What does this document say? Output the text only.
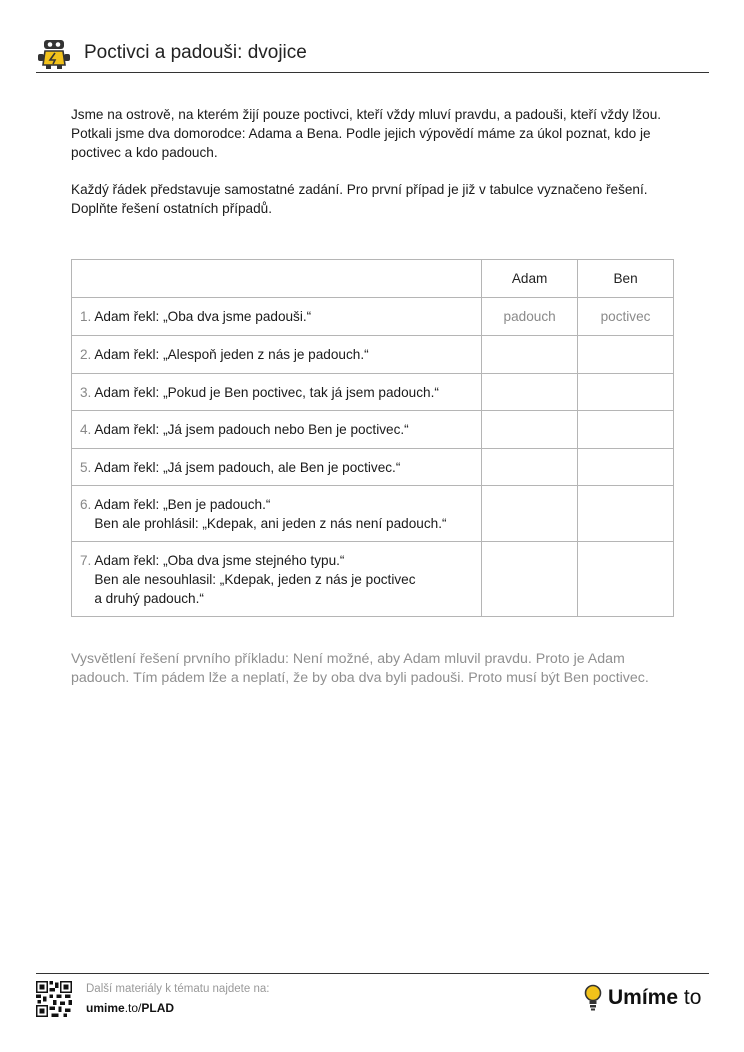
Poctivci a padouši: dvojice

Jsme na ostrově, na kterém žijí pouze poctivci, kteří vždy mluví pravdu, a padouši, kteří vždy lžou. Potkali jsme dva domorodce: Adama a Bena. Podle jejich výpovědí máme za úkol poznat, kdo je poctivec a kdo padouch.

Každý řádek představuje samostatné zadání. Pro první případ je již v tabulce vyznačeno řešení. Doplňte řešení ostatních případů.

	Adam	Ben

1. Adam řekl: „Oba dva jsme padouši.“	padouch	poctivec

2. Adam řekl: „Alespoň jeden z nás je padouch.“		

3. Adam řekl: „Pokud je Ben poctivec, tak já jsem padouch.“		

4. Adam řekl: „Já jsem padouch nebo Ben je poctivec.“		

5. Adam řekl: „Já jsem padouch, ale Ben je poctivec.“		

6. Adam řekl: „Ben je padouch.“
Ben ale prohlásil: „Kdepak, ani jeden z nás není padouch.“		

7. Adam řekl: „Oba dva jsme stejného typu.“
Ben ale nesouhlasil: „Kdepak, jeden z nás je poctivec
a druhý padouch.“		

Vysvětlení řešení prvního příkladu: Není možné, aby Adam mluvil pravdu. Proto je Adam padouch. Tím pádem lže a neplatí, že by oba dva byli padouši. Proto musí být Ben poctivec.

Další materiály k tématu najdete na:
umime.to/PLAD	Umíme to
